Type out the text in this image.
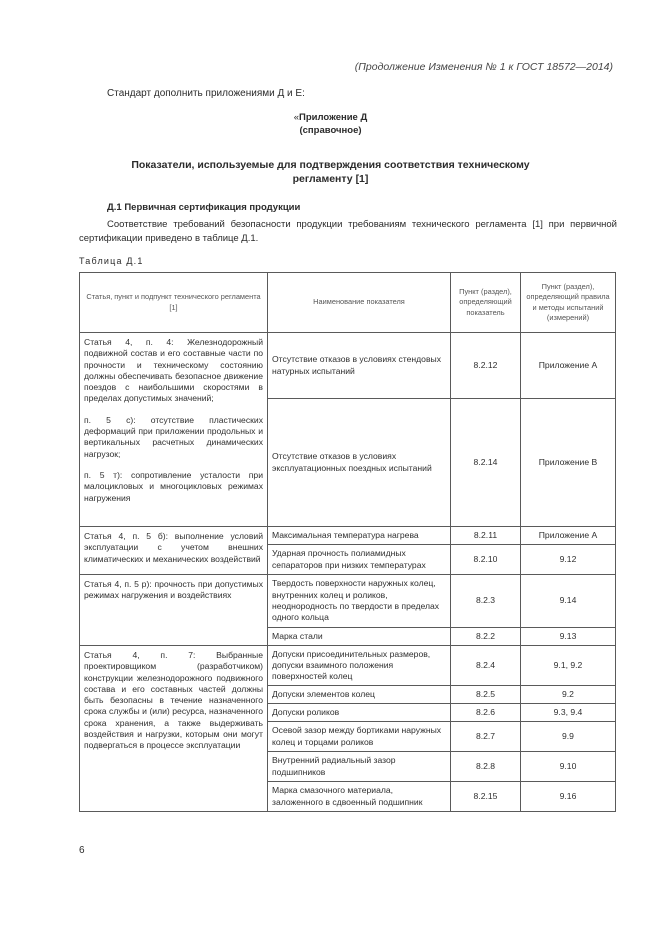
(Продолжение Изменения № 1 к ГОСТ 18572—2014)
Стандарт дополнить приложениями Д и Е:
«Приложение Д
(справочное)
Показатели, используемые для подтверждения соответствия техническому регламенту [1]
Д.1 Первичная сертификация продукции
Соответствие требований безопасности продукции требованиям технического регламента [1] при первичной сертификации приведено в таблице Д.1.
Таблица Д.1
Статья, пункт и подпункт технического регламента [1]	Наименование показателя	Пункт (раздел), определяющий показатель	Пункт (раздел), определяющий правила и методы испытаний (измерений)

Статья 4, п. 4: Железнодорожный подвижной состав и его составные части по прочности и техническому состоянию должны обеспечивать безопасное движение поездов с наибольшими скоростями в пределах допустимых значений;

п. 5 с): отсутствие пластических деформаций при приложении продольных и вертикальных расчетных динамических нагрузок;

п. 5 т): сопротивление усталости при малоцикловых и многоцикловых режимах нагружения	Отсутствие отказов в условиях стендовых натурных испытаний	8.2.12	Приложение А
	Отсутствие отказов в условиях эксплуатационных поездных испытаний	8.2.14	Приложение В

Статья 4, п. 5 б): выполнение условий эксплуатации с учетом внешних климатических и механических воздействий	Максимальная температура нагрева	8.2.11	Приложение А
	Ударная прочность полиамидных сепараторов при низких температурах	8.2.10	9.12

Статья 4, п. 5 р): прочность при допустимых режимах нагружения и воздействиях	Твердость поверхности наружных колец, внутренних колец и роликов, неоднородность по твердости в пределах одного кольца	8.2.3	9.14
	Марка стали	8.2.2	9.13

Статья 4, п. 7: Выбранные проектировщиком (разработчиком) конструкции железнодорожного подвижного состава и его составных частей должны быть безопасны в течение назначенного срока службы и (или) ресурса, назначенного срока хранения, а также выдерживать воздействия и нагрузки, которым они могут подвергаться в процессе эксплуатации	Допуски присоединительных размеров, допуски взаимного положения поверхностей колец	8.2.4	9.1, 9.2
	Допуски элементов колец	8.2.5	9.2
	Допуски роликов	8.2.6	9.3, 9.4
	Осевой зазор между бортиками наружных колец и торцами роликов	8.2.7	9.9
	Внутренний радиальный зазор подшипников	8.2.8	9.10
	Марка смазочного материала, заложенного в сдвоенный подшипник	8.2.15	9.16
6
